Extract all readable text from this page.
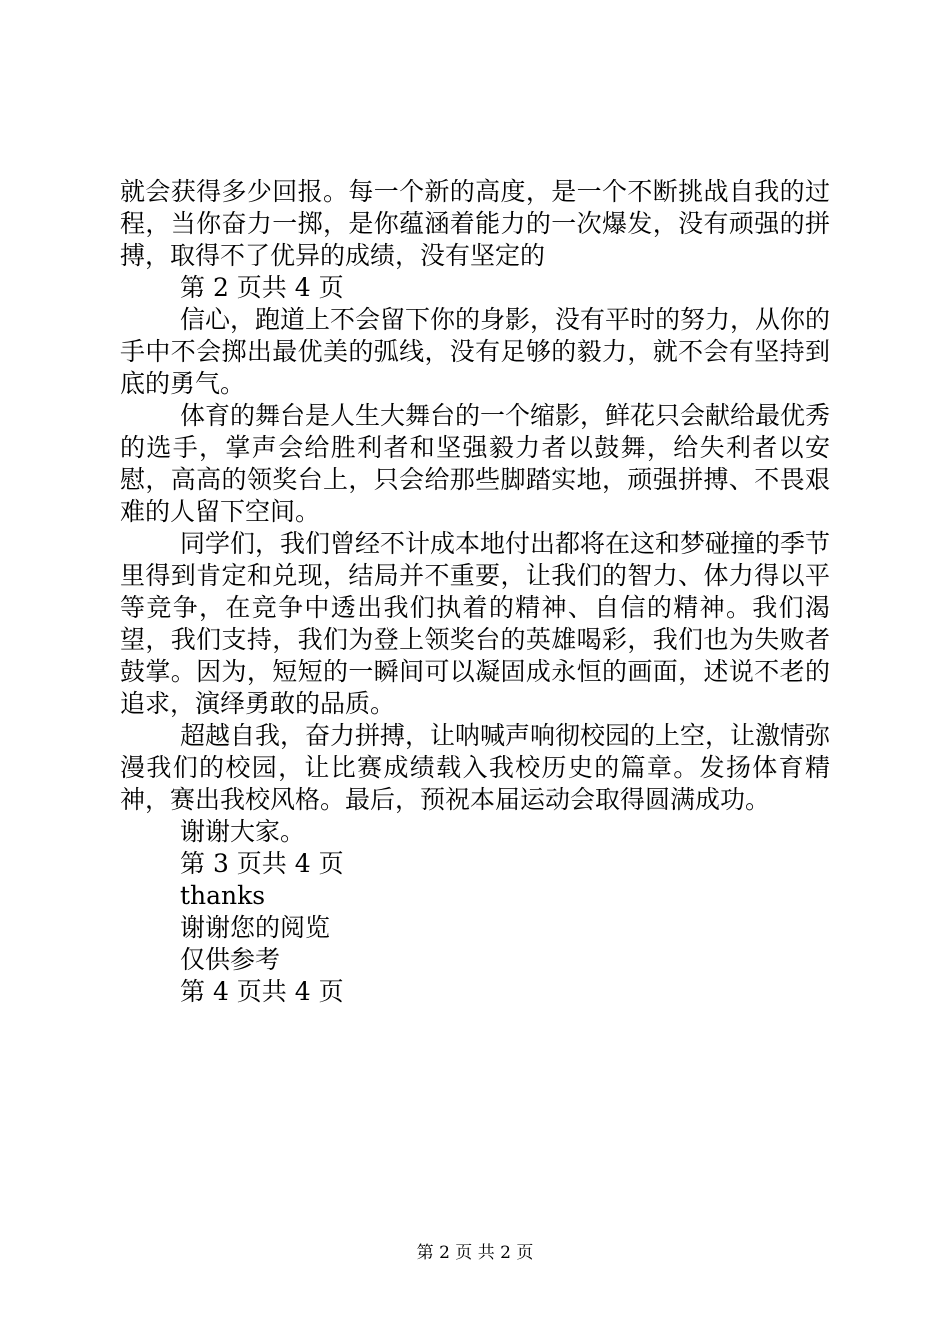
就会获得多少回报。每一个新的高度，是一个不断挑战自我的过程，当你奋力一掷，是你蕴涵着能力的一次爆发，没有顽强的拼搏，取得不了优异的成绩，没有坚定的
第 2 页共 4 页
信心，跑道上不会留下你的身影，没有平时的努力，从你的手中不会掷出最优美的弧线，没有足够的毅力，就不会有坚持到底的勇气。
体育的舞台是人生大舞台的一个缩影，鲜花只会献给最优秀的选手，掌声会给胜利者和坚强毅力者以鼓舞，给失利者以安慰，高高的领奖台上，只会给那些脚踏实地，顽强拼搏、不畏艰难的人留下空间。
同学们，我们曾经不计成本地付出都将在这和梦碰撞的季节里得到肯定和兑现，结局并不重要，让我们的智力、体力得以平等竞争，在竞争中透出我们执着的精神、自信的精神。我们渴望，我们支持，我们为登上领奖台的英雄喝彩，我们也为失败者鼓掌。因为，短短的一瞬间可以凝固成永恒的画面，述说不老的追求，演绎勇敢的品质。
超越自我，奋力拼搏，让呐喊声响彻校园的上空，让激情弥漫我们的校园，让比赛成绩载入我校历史的篇章。发扬体育精神，赛出我校风格。最后，预祝本届运动会取得圆满成功。
谢谢大家。
第 3 页共 4 页
thanks
谢谢您的阅览
仅供参考
第 4 页共 4 页
第 2 页 共 2 页
